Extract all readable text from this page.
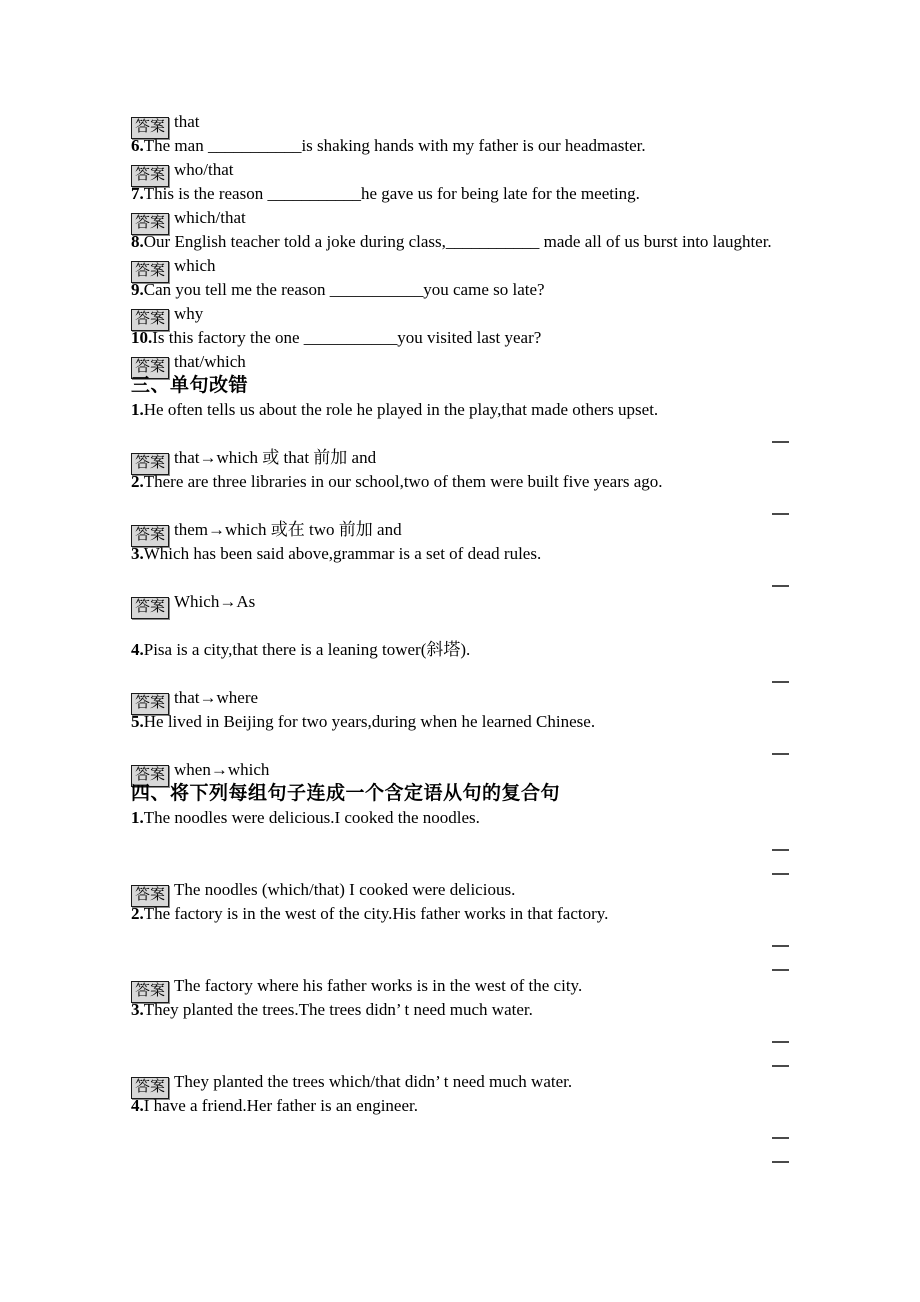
答案 that
6.The man ___________is shaking hands with my father is our headmaster.
答案 who/that
7.This is the reason ___________he gave us for being late for the meeting.
答案 which/that
8.Our English teacher told a joke during class,___________ made all of us burst into laughter.
答案 which
9.Can you tell me the reason ___________you came so late?
答案 why
10.Is this factory the one ___________you visited last year?
答案 that/which
三、单句改错
1.He often tells us about the role he played in the play,that made others upset.
答案 that→which 或 that 前加 and
2.There are three libraries in our school,two of them were built five years ago.
答案 them→which 或在 two 前加 and
3.Which has been said above,grammar is a set of dead rules.
答案 Which→As
4.Pisa is a city,that there is a leaning tower(斜塔).
答案 that→where
5.He lived in Beijing for two years,during when he learned Chinese.
答案 when→which
四、将下列每组句子连成一个含定语从句的复合句
1.The noodles were delicious.I cooked the noodles.
答案 The noodles (which/that) I cooked were delicious.
2.The factory is in the west of the city.His father works in that factory.
答案 The factory where his father works is in the west of the city.
3.They planted the trees.The trees didn’ t need much water.
答案 They planted the trees which/that didn’ t need much water.
4.I have a friend.Her father is an engineer.
